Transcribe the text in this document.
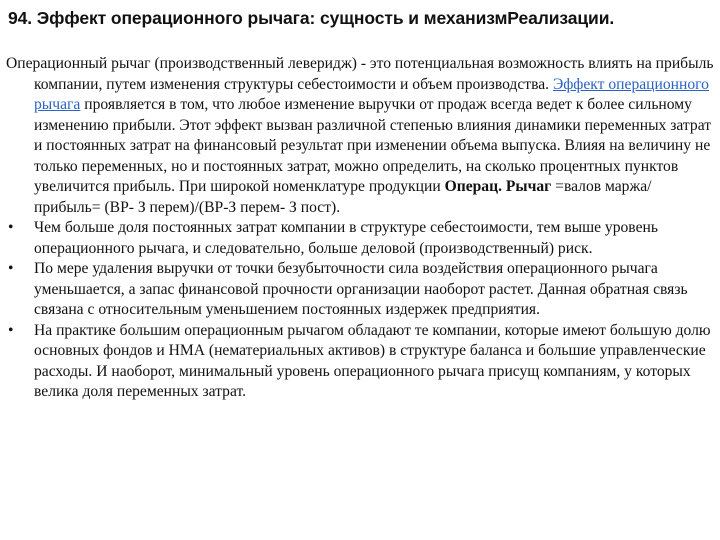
94. Эффект операционного рычага: сущность и механизмРеализации.

Операционный рычаг (производственный леверидж) - это потенциальная возможность влиять на прибыль компании, путем изменения структуры себестоимости и объем производства. Эффект операционного рычага проявляется в том, что любое изменение выручки от продаж всегда ведет к более сильному изменению прибыли. Этот эффект вызван различной степенью влияния динамики переменных затрат и постоянных затрат на финансовый результат при изменении объема выпуска. Влияя на величину не только переменных, но и постоянных затрат, можно определить, на сколько процентных пунктов увеличится прибыль. При широкой номенклатуре продукции Операц. Рычаг =валов маржа/ прибыль= (ВР- З перем)/(ВР-З перем- З пост).

•	Чем больше доля постоянных затрат компании в структуре себестоимости, тем выше уровень операционного рычага, и следовательно, больше деловой (производственный) риск.
•	По мере удаления выручки от точки безубыточности сила воздействия операционного рычага уменьшается, а запас финансовой прочности организации наоборот растет. Данная обратная связь связана с относительным уменьшением постоянных издержек предприятия.
•	На практике большим операционным рычагом обладают те компании, которые имеют большую долю основных фондов и НМА (нематериальных активов) в структуре баланса и большие управленческие расходы. И наоборот, минимальный уровень операционного рычага присущ компаниям, у которых велика доля переменных затрат.
